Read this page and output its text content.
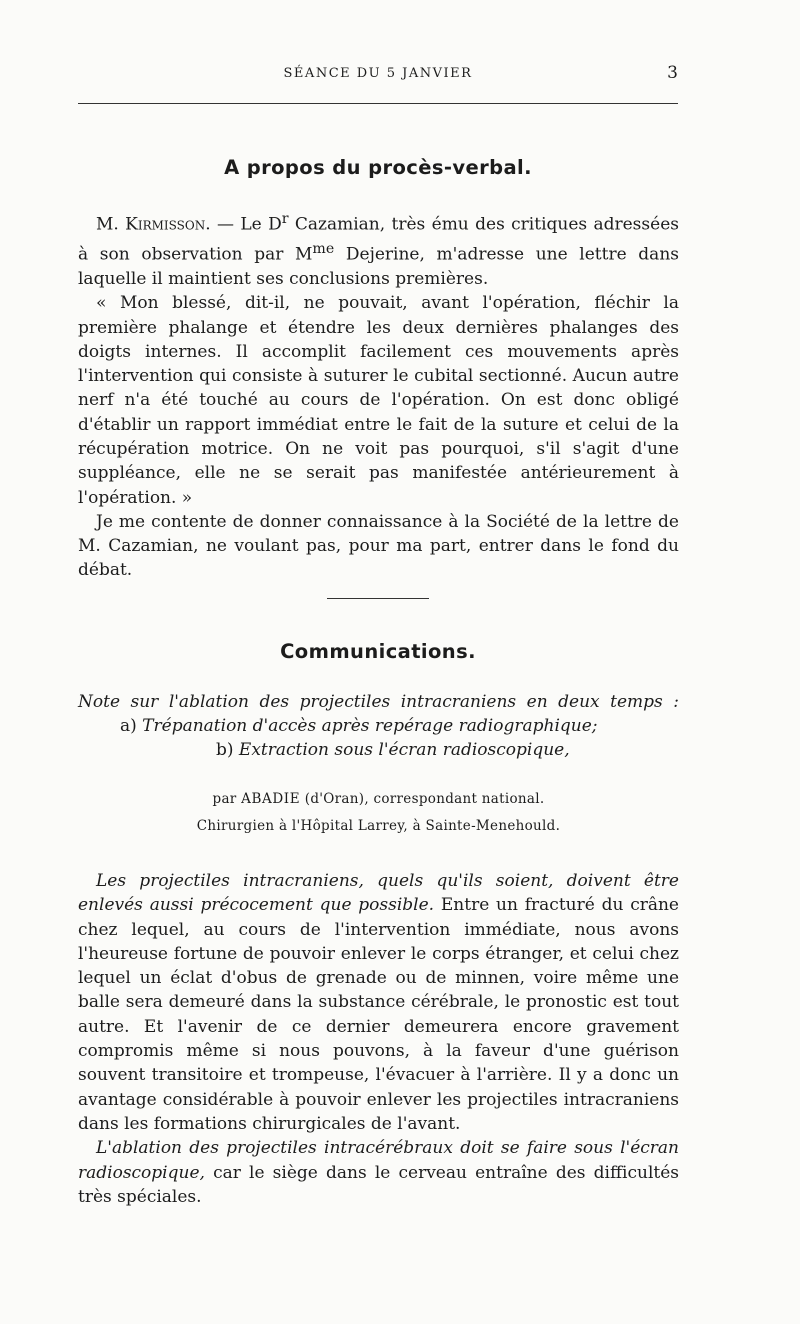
SÉANCE DU 5 JANVIER	3
A propos du procès-verbal.

M. Kirmisson. — Le $D^r$ Cazamian, très ému des critiques adressées à son observation par $M^{me}$ Dejerine, m'adresse une lettre dans laquelle il maintient ses conclusions premières.

« Mon blessé, dit-il, ne pouvait, avant l'opération, fléchir la première phalange et étendre les deux dernières phalanges des doigts internes. Il accomplit facilement ces mouvements après l'intervention qui consiste à suturer le cubital sectionné. Aucun autre nerf n'a été touché au cours de l'opération. On est donc obligé d'établir un rapport immédiat entre le fait de la suture et celui de la récupération motrice. On ne voit pas pourquoi, s'il s'agit d'une suppléance, elle ne se serait pas manifestée antérieurement à l'opération. »

Je me contente de donner connaissance à la Société de la lettre de M. Cazamian, ne voulant pas, pour ma part, entrer dans le fond du débat.

Communications.
Note sur l'ablation des projectiles intracraniens en deux temps :
a) Trépanation d'accès après repérage radiographique;
b) Extraction sous l'écran radioscopique,
par ABADIE (d'Oran), correspondant national.
Chirurgien à l'Hôpital Larrey, à Sainte-Menehould.

Les projectiles intracraniens, quels qu'ils soient, doivent être enlevés aussi précocement que possible. Entre un fracturé du crâne chez lequel, au cours de l'intervention immédiate, nous avons l'heureuse fortune de pouvoir enlever le corps étranger, et celui chez lequel un éclat d'obus de grenade ou de minnen, voire même une balle sera demeuré dans la substance cérébrale, le pronostic est tout autre. Et l'avenir de ce dernier demeurera encore gravement compromis même si nous pouvons, à la faveur d'une guérison souvent transitoire et trompeuse, l'évacuer à l'arrière. Il y a donc un avantage considérable à pouvoir enlever les projectiles intracraniens dans les formations chirurgicales de l'avant.

L'ablation des projectiles intracérébraux doit se faire sous l'écran radioscopique, car le siège dans le cerveau entraîne des difficultés très spéciales.
